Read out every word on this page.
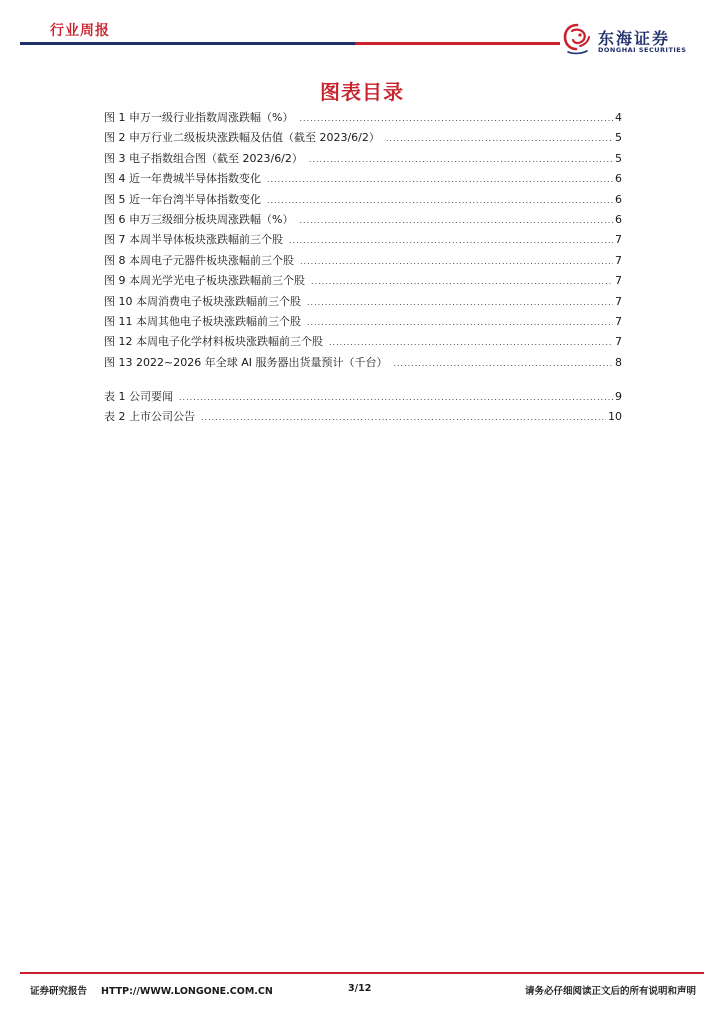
行业周报	东海证券
DONGHAI SECURITIES
图表目录
图 1 申万一级行业指数周涨跌幅（%） .....	4
图 2 申万行业二级板块涨跌幅及估值（截至 2023/6/2） .....	5
图 3 电子指数组合图（截至 2023/6/2） .....	5
图 4 近一年费城半导体指数变化 .....	6
图 5 近一年台湾半导体指数变化 .....	6
图 6 申万三级细分板块周涨跌幅（%） .....	6
图 7 本周半导体板块涨跌幅前三个股 .....	7
图 8 本周电子元器件板块涨幅前三个股 .....	7
图 9 本周光学光电子板块涨跌幅前三个股 .....	7
图 10 本周消费电子板块涨跌幅前三个股 .....	7
图 11 本周其他电子板块涨跌幅前三个股 .....	7
图 12 本周电子化学材料板块涨跌幅前三个股 .....	7
图 13 2022~2026 年全球 AI 服务器出货量预计（千台） .....	8
表 1 公司要闻 .....	9
表 2 上市公司公告 .....	10
证券研究报告 HTTP://WWW.LONGONE.COM.CN	3/12	请务必仔细阅读正文后的所有说明和声明
